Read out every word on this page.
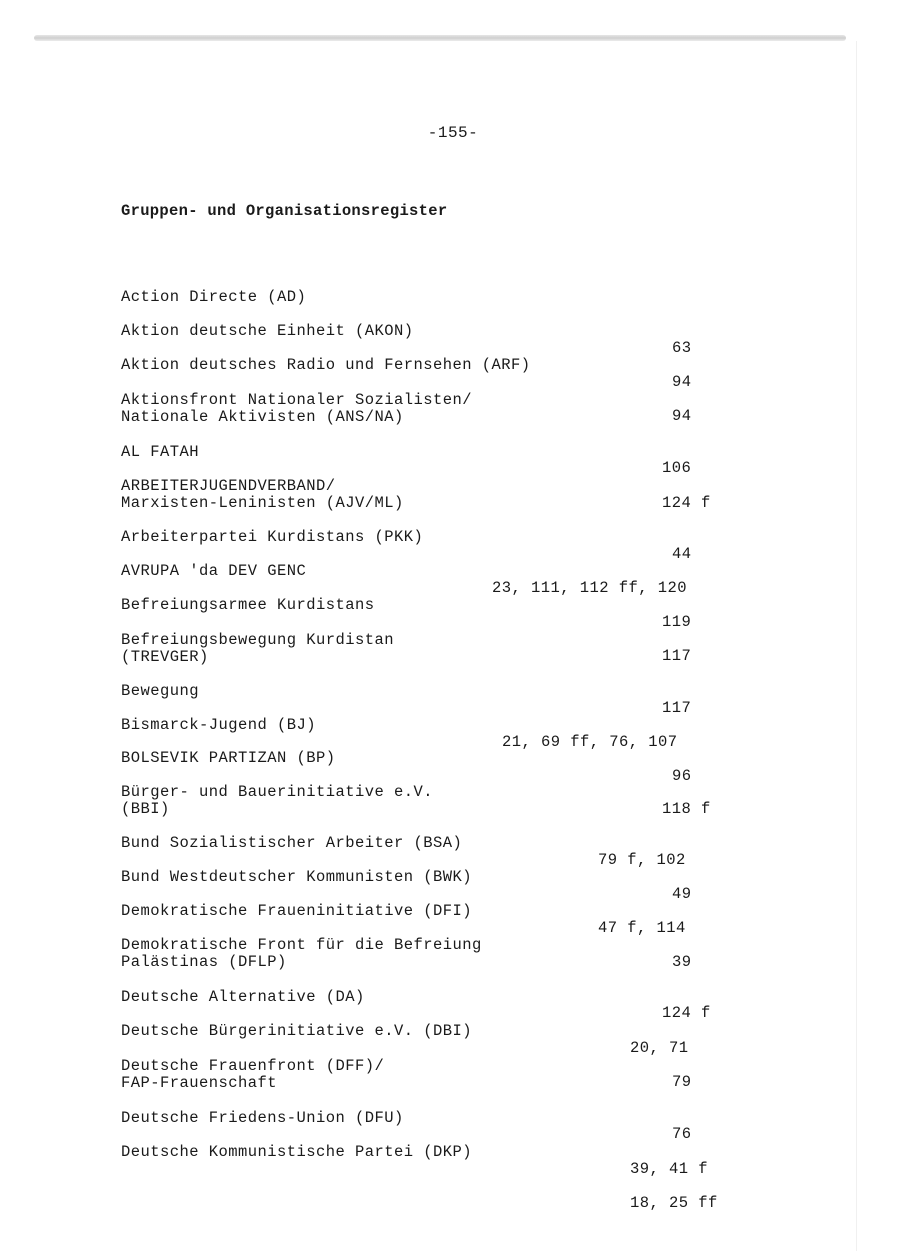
-155-
Gruppen- und Organisationsregister

Action Directe (AD)

63

Aktion deutsche Einheit (AKON)

94

Aktion deutsches Radio und Fernsehen (ARF)

94

Aktionsfront Nationaler Sozialisten/
Nationale Aktivisten (ANS/NA)

106

AL FATAH

124 f

ARBEITERJUGENDVERBAND/
Marxisten-Leninisten (AJV/ML)

44

Arbeiterpartei Kurdistans (PKK)

23, 111, 112 ff, 120

AVRUPA 'da DEV GENC

119

Befreiungsarmee Kurdistans

117

Befreiungsbewegung Kurdistan
(TREVGER)

117

Bewegung

21, 69 ff, 76, 107

Bismarck-Jugend (BJ)

96

BOLSEVIK PARTIZAN (BP)

118 f

Bürger- und Bauerinitiative e.V.
(BBI)

79 f, 102

Bund Sozialistischer Arbeiter (BSA)

49

Bund Westdeutscher Kommunisten (BWK)

47 f, 114

Demokratische Fraueninitiative (DFI)

39

Demokratische Front für die Befreiung
Palästinas (DFLP)

124 f

Deutsche Alternative (DA)

20, 71

Deutsche Bürgerinitiative e.V. (DBI)

79

Deutsche Frauenfront (DFF)/
FAP-Frauenschaft

76

Deutsche Friedens-Union (DFU)

39, 41 f

Deutsche Kommunistische Partei (DKP)

18, 25 ff
